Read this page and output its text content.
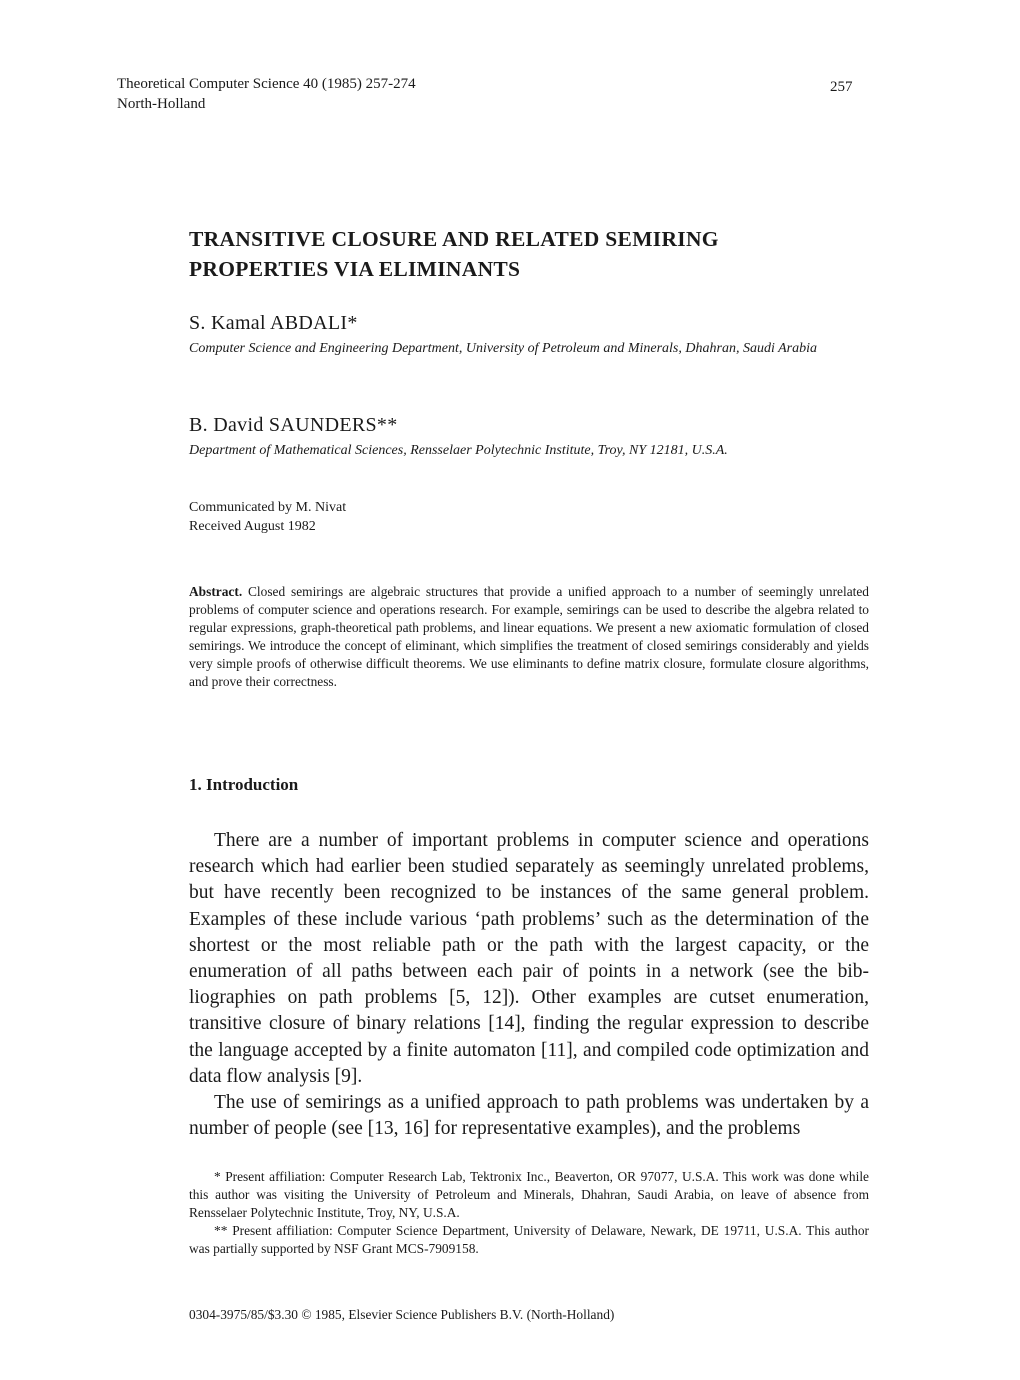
Theoretical Computer Science 40 (1985) 257-274
North-Holland
257
TRANSITIVE CLOSURE AND RELATED SEMIRING
PROPERTIES VIA ELIMINANTS
S. Kamal ABDALI*
Computer Science and Engineering Department, University of Petroleum and Minerals, Dhahran, Saudi Arabia
B. David SAUNDERS**
Department of Mathematical Sciences, Rensselaer Polytechnic Institute, Troy, NY 12181, U.S.A.
Communicated by M. Nivat
Received August 1982
Abstract. Closed semirings are algebraic structures that provide a unified approach to a number of seemingly unrelated problems of computer science and operations research. For example, semirings can be used to describe the algebra related to regular expressions, graph-theoretical path problems, and linear equations. We present a new axiomatic formulation of closed semirings. We introduce the concept of eliminant, which simplifies the treatment of closed semirings considerably and yields very simple proofs of otherwise difficult theorems. We use eliminants to define matrix closure, formulate closure algorithms, and prove their correctness.
1. Introduction

There are a number of important problems in computer science and operations research which had earlier been studied separately as seemingly unrelated problems, but have recently been recognized to be instances of the same general problem. Examples of these include various ‘path problems’ such as the determination of the shortest or the most reliable path or the path with the largest capacity, or the enumeration of all paths between each pair of points in a network (see the bibliographies on path problems [5, 12]). Other examples are cutset enumeration, transitive closure of binary relations [14], finding the regular expression to describe the language accepted by a finite automaton [11], and compiled code optimization and data flow analysis [9].

The use of semirings as a unified approach to path problems was undertaken by a number of people (see [13, 16] for representative examples), and the problems

* Present affiliation: Computer Research Lab, Tektronix Inc., Beaverton, OR 97077, U.S.A. This work was done while this author was visiting the University of Petroleum and Minerals, Dhahran, Saudi Arabia, on leave of absence from Rensselaer Polytechnic Institute, Troy, NY, U.S.A.

** Present affiliation: Computer Science Department, University of Delaware, Newark, DE 19711, U.S.A. This author was partially supported by NSF Grant MCS-7909158.

0304-3975/85/$3.30 © 1985, Elsevier Science Publishers B.V. (North-Holland)
